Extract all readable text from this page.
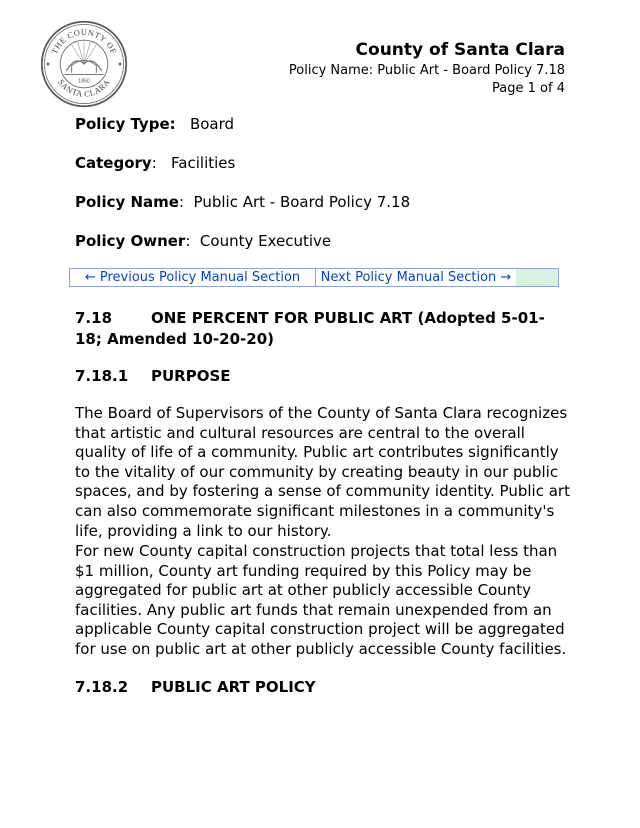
THE COUNTY OF
SANTA CLARA
1850
County of Santa Clara
Policy Name: Public Art - Board Policy 7.18
Page 1 of 4
Policy Type: Board
Category:   Facilities
Policy Name:  Public Art - Board Policy 7.18
Policy Owner:  County Executive
← Previous Policy Manual Section	Next Policy Manual Section →
7.18	ONE PERCENT FOR PUBLIC ART (Adopted 5-01-18; Amended 10-20-20)
7.18.1 PURPOSE
The Board of Supervisors of the County of Santa Clara recognizes that artistic and cultural resources are central to the overall quality of life of a community. Public art contributes significantly to the vitality of our community by creating beauty in our public spaces, and by fostering a sense of community identity. Public art can also commemorate significant milestones in a community's life, providing a link to our history.
For new County capital construction projects that total less than $1 million, County art funding required by this Policy may be aggregated for public art at other publicly accessible County facilities. Any public art funds that remain unexpended from an applicable County capital construction project will be aggregated for use on public art at other publicly accessible County facilities.
7.18.2 PUBLIC ART POLICY
